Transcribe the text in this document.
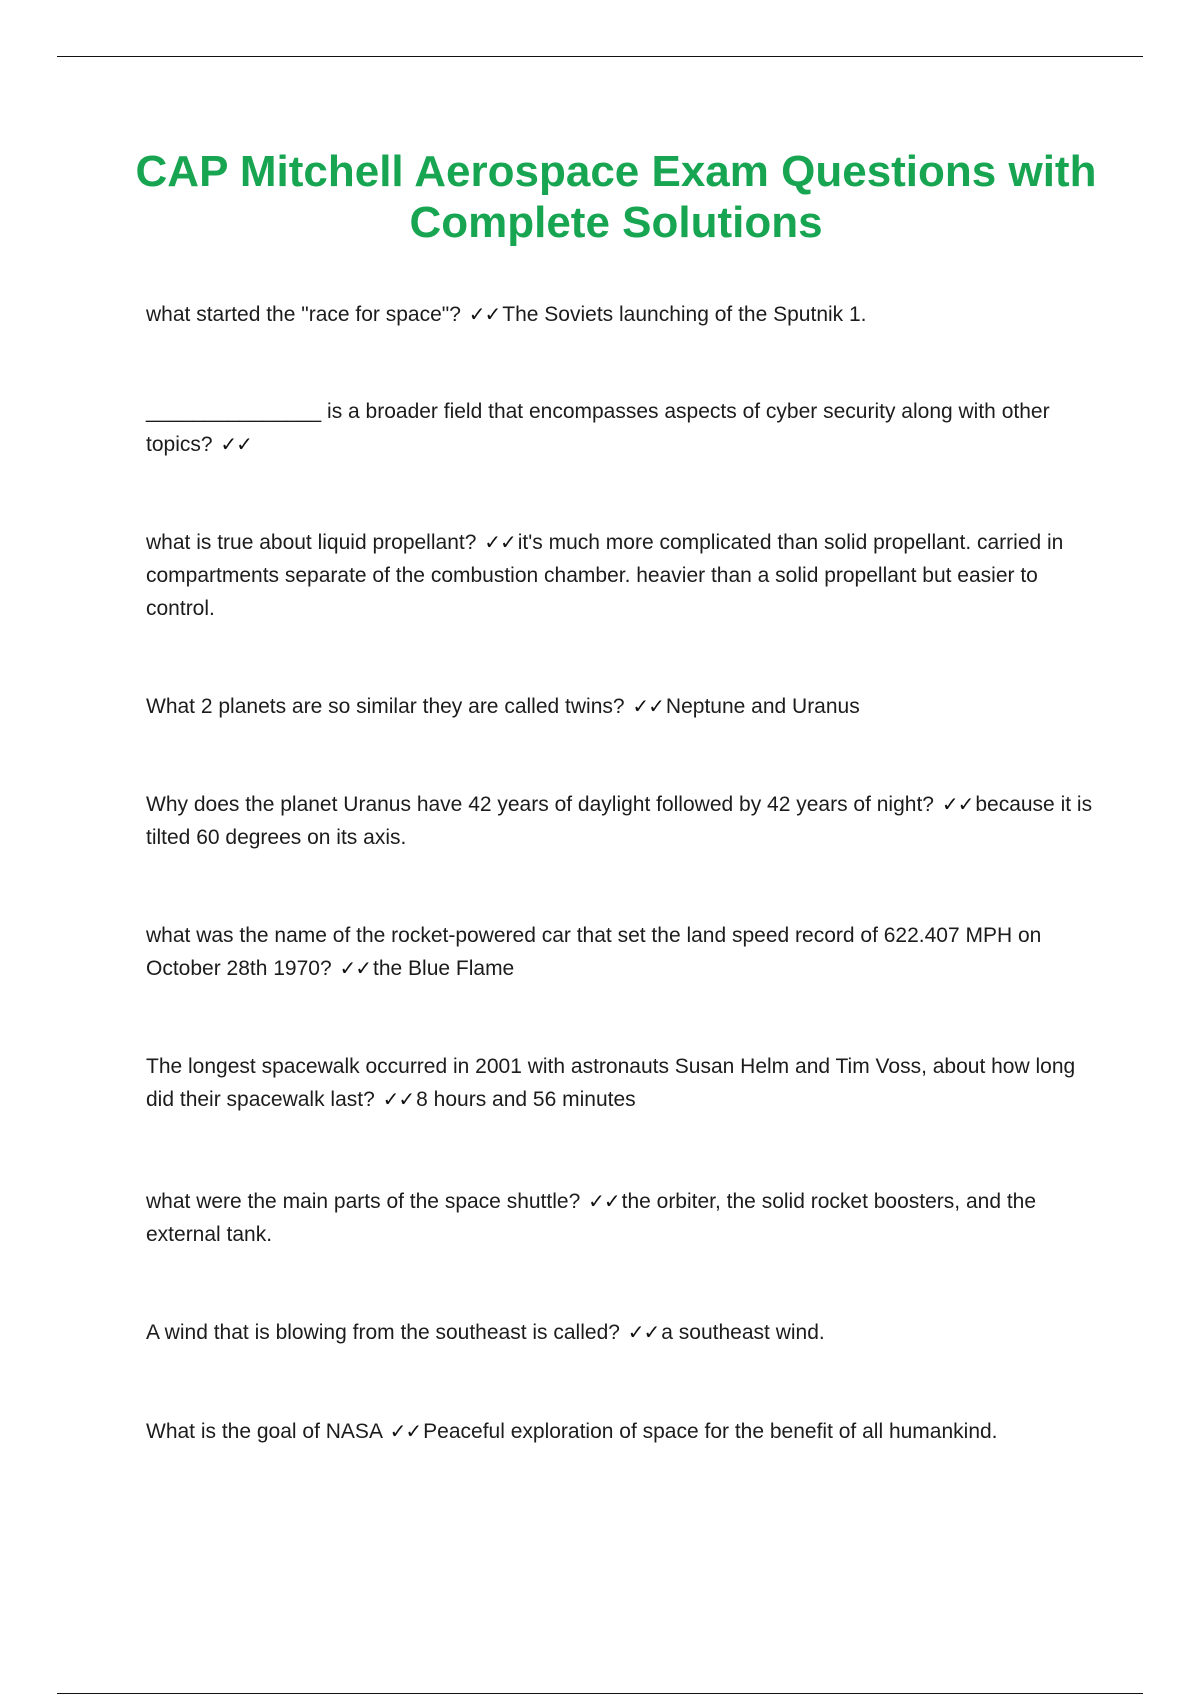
CAP Mitchell Aerospace Exam Questions with Complete Solutions
what started the "race for space"? ✓✓The Soviets launching of the Sputnik 1.
_______________ is a broader field that encompasses aspects of cyber security along with other topics? ✓✓
what is true about liquid propellant? ✓✓it's much more complicated than solid propellant. carried in compartments separate of the combustion chamber. heavier than a solid propellant but easier to control.
What 2 planets are so similar they are called twins? ✓✓Neptune and Uranus
Why does the planet Uranus have 42 years of daylight followed by 42 years of night? ✓✓because it is tilted 60 degrees on its axis.
what was the name of the rocket-powered car that set the land speed record of 622.407 MPH on October 28th 1970? ✓✓the Blue Flame
The longest spacewalk occurred in 2001 with astronauts Susan Helm and Tim Voss, about how long did their spacewalk last? ✓✓8 hours and 56 minutes
what were the main parts of the space shuttle? ✓✓the orbiter, the solid rocket boosters, and the external tank.
A wind that is blowing from the southeast is called? ✓✓a southeast wind.
What is the goal of NASA ✓✓Peaceful exploration of space for the benefit of all humankind.
